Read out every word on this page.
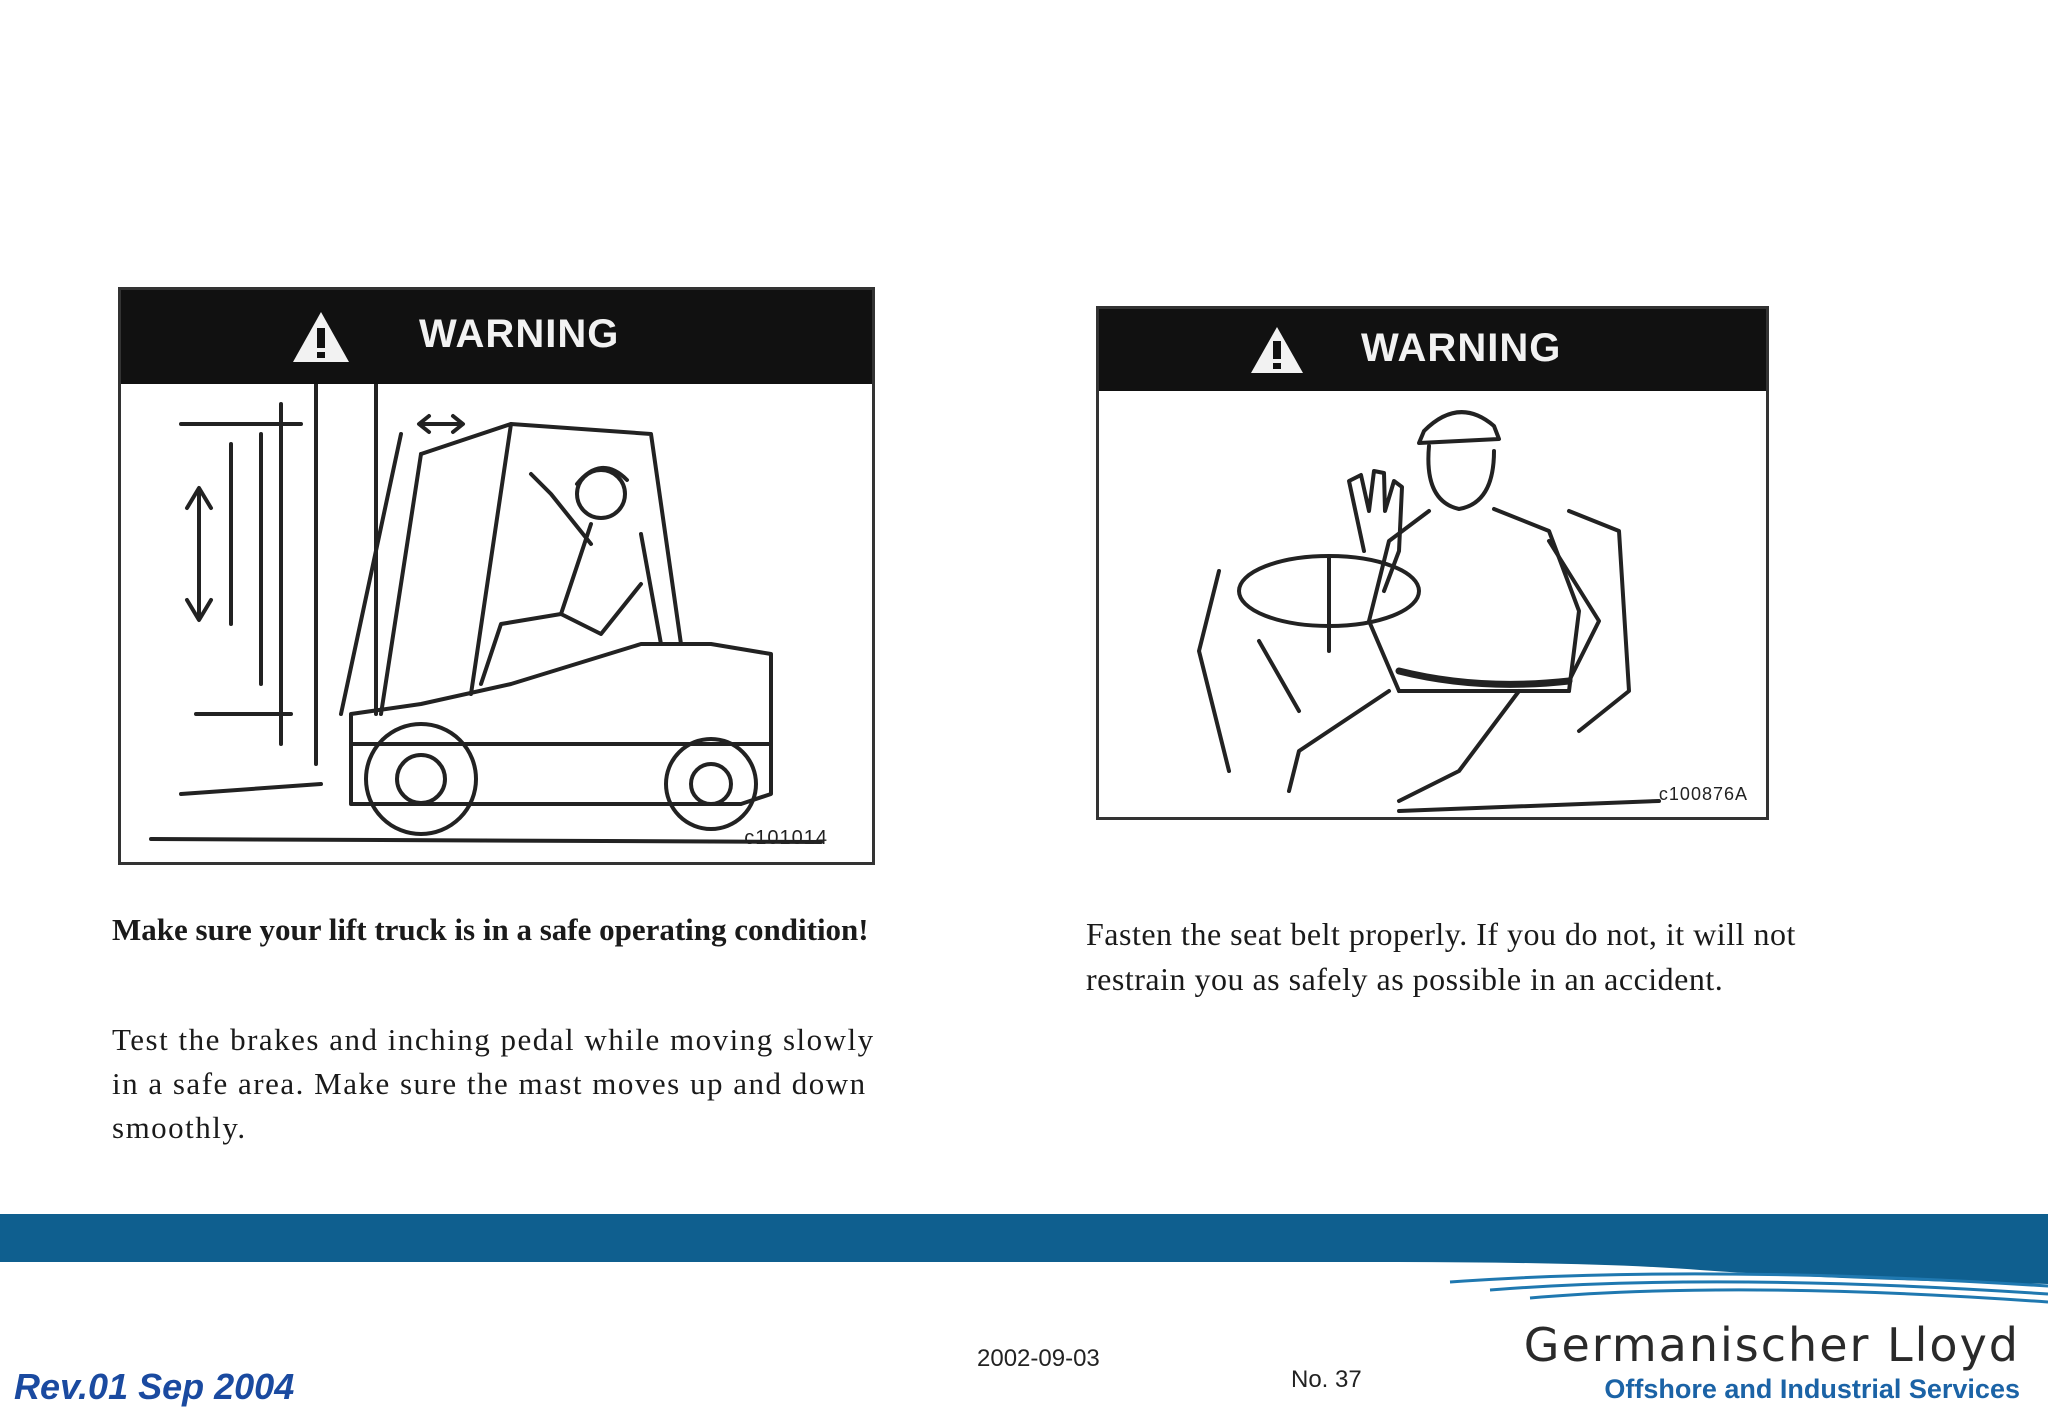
WARNING
c101014
WARNING
c100876A
Make sure your lift truck is in a safe operating condition!
Test the brakes and inching pedal while moving slowly in a safe area. Make sure the mast moves up and down smoothly.
Fasten the seat belt properly. If you do not, it will not restrain you as safely as possible in an accident.
Rev.01 Sep 2004
2002-09-03
No. 37
Germanischer Lloyd
Offshore and Industrial Services
